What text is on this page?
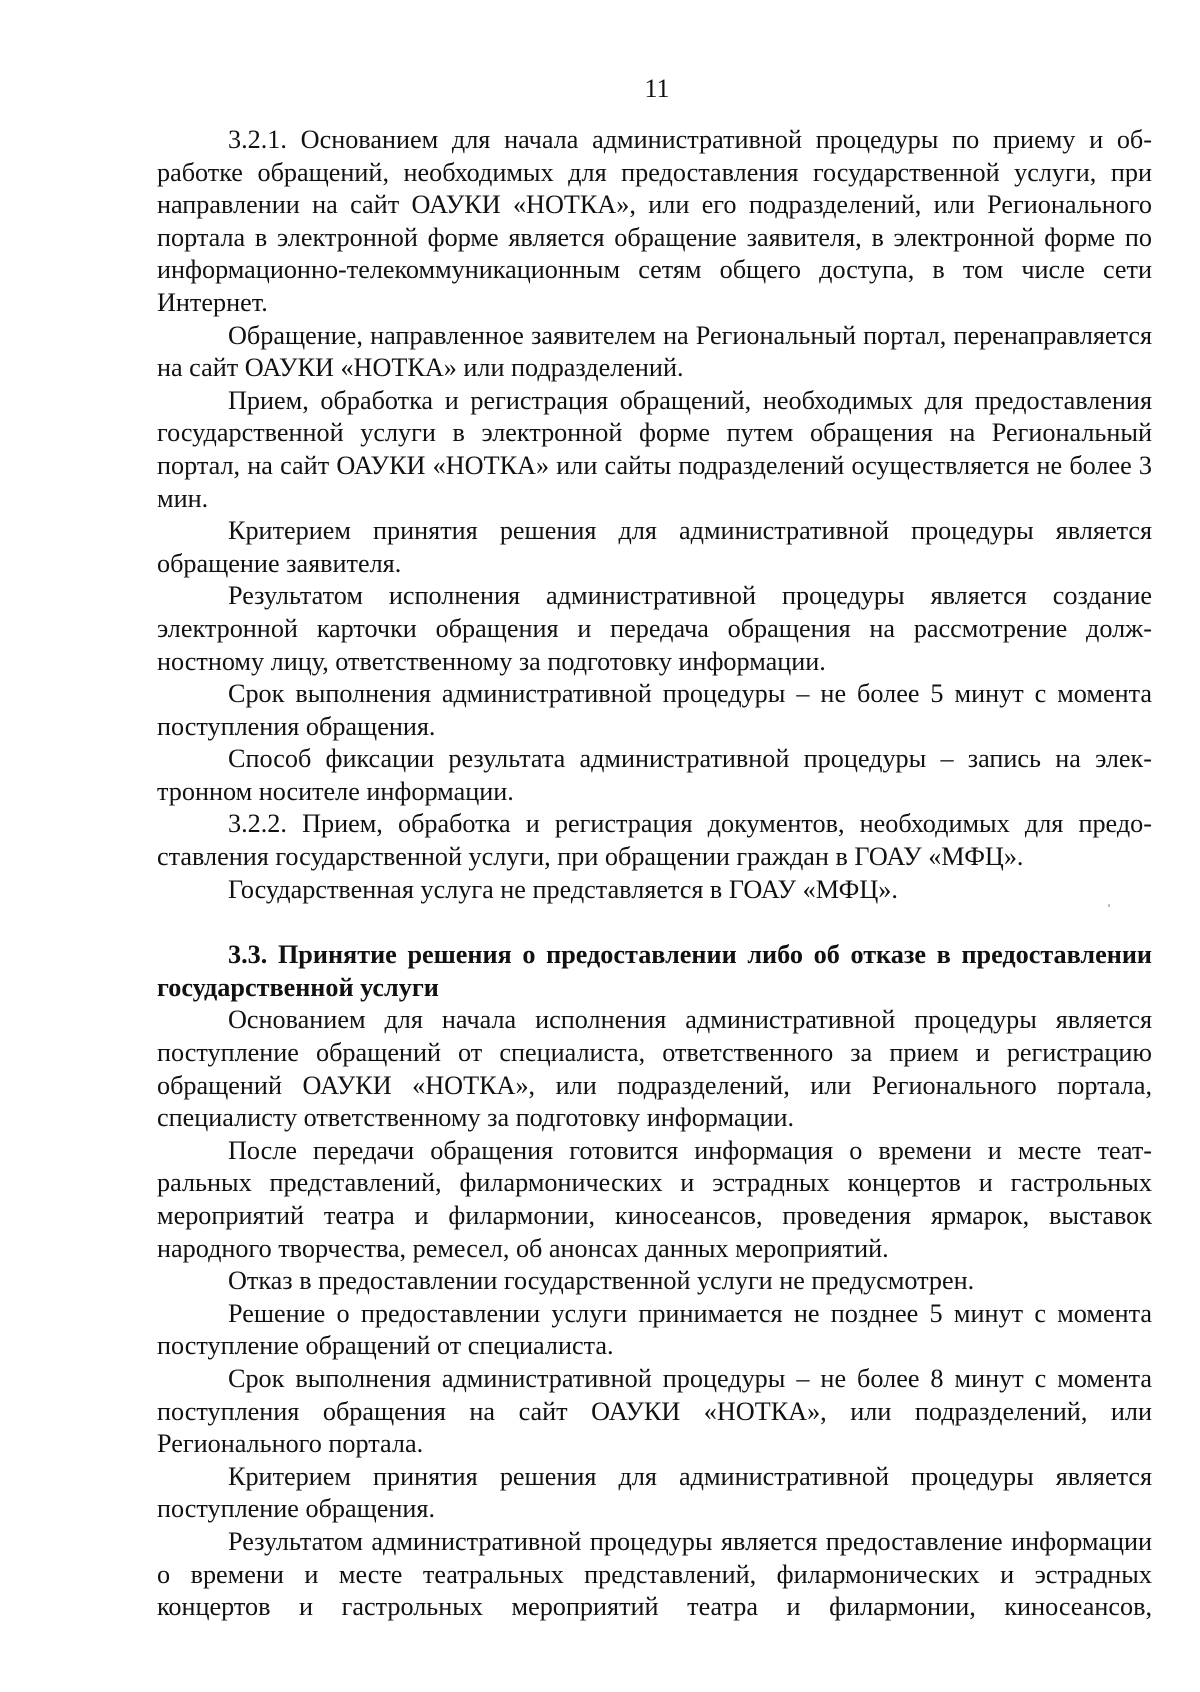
11

3.2.1. Основанием для начала административной процедуры по приему и обработке обращений, необходимых для предоставления государственной услуги, при направлении на сайт ОАУКИ «НОТКА», или его подразделений, или Регионального портала в электронной форме является обращение заявителя, в электронной форме по информационно-телекоммуникационным сетям общего доступа, в том числе сети Интернет.

Обращение, направленное заявителем на Региональный портал, перенаправляется на сайт ОАУКИ «НОТКА» или подразделений.

Прием, обработка и регистрация обращений, необходимых для предоставления государственной услуги в электронной форме путем обращения на Региональный портал, на сайт ОАУКИ «НОТКА» или сайты подразделений осуществляется не более 3 мин.

Критерием принятия решения для административной процедуры является обращение заявителя.

Результатом исполнения административной процедуры является создание электронной карточки обращения и передача обращения на рассмотрение должностному лицу, ответственному за подготовку информации.

Срок выполнения административной процедуры – не более 5 минут с момента поступления обращения.

Способ фиксации результата административной процедуры – запись на электронном носителе информации.

3.2.2. Прием, обработка и регистрация документов, необходимых для предоставления государственной услуги, при обращении граждан в ГОАУ «МФЦ».

Государственная услуга не представляется в ГОАУ «МФЦ».

3.3. Принятие решения о предоставлении либо об отказе в предоставлении государственной услуги

Основанием для начала исполнения административной процедуры является поступление обращений от специалиста, ответственного за прием и регистрацию обращений ОАУКИ «НОТКА», или подразделений, или Регионального портала, специалисту ответственному за подготовку информации.

После передачи обращения готовится информация о времени и месте театральных представлений, филармонических и эстрадных концертов и гастрольных мероприятий театра и филармонии, киносеансов, проведения ярмарок, выставок народного творчества, ремесел, об анонсах данных мероприятий.

Отказ в предоставлении государственной услуги не предусмотрен.

Решение о предоставлении услуги принимается не позднее 5 минут с момента поступление обращений от специалиста.

Срок выполнения административной процедуры – не более 8 минут с момента поступления обращения на сайт ОАУКИ «НОТКА», или подразделений, или Регионального портала.

Критерием принятия решения для административной процедуры является поступление обращения.

Результатом административной процедуры является предоставление информации о времени и месте театральных представлений, филармонических и эстрадных концертов и гастрольных мероприятий театра и филармонии, киносеансов,
